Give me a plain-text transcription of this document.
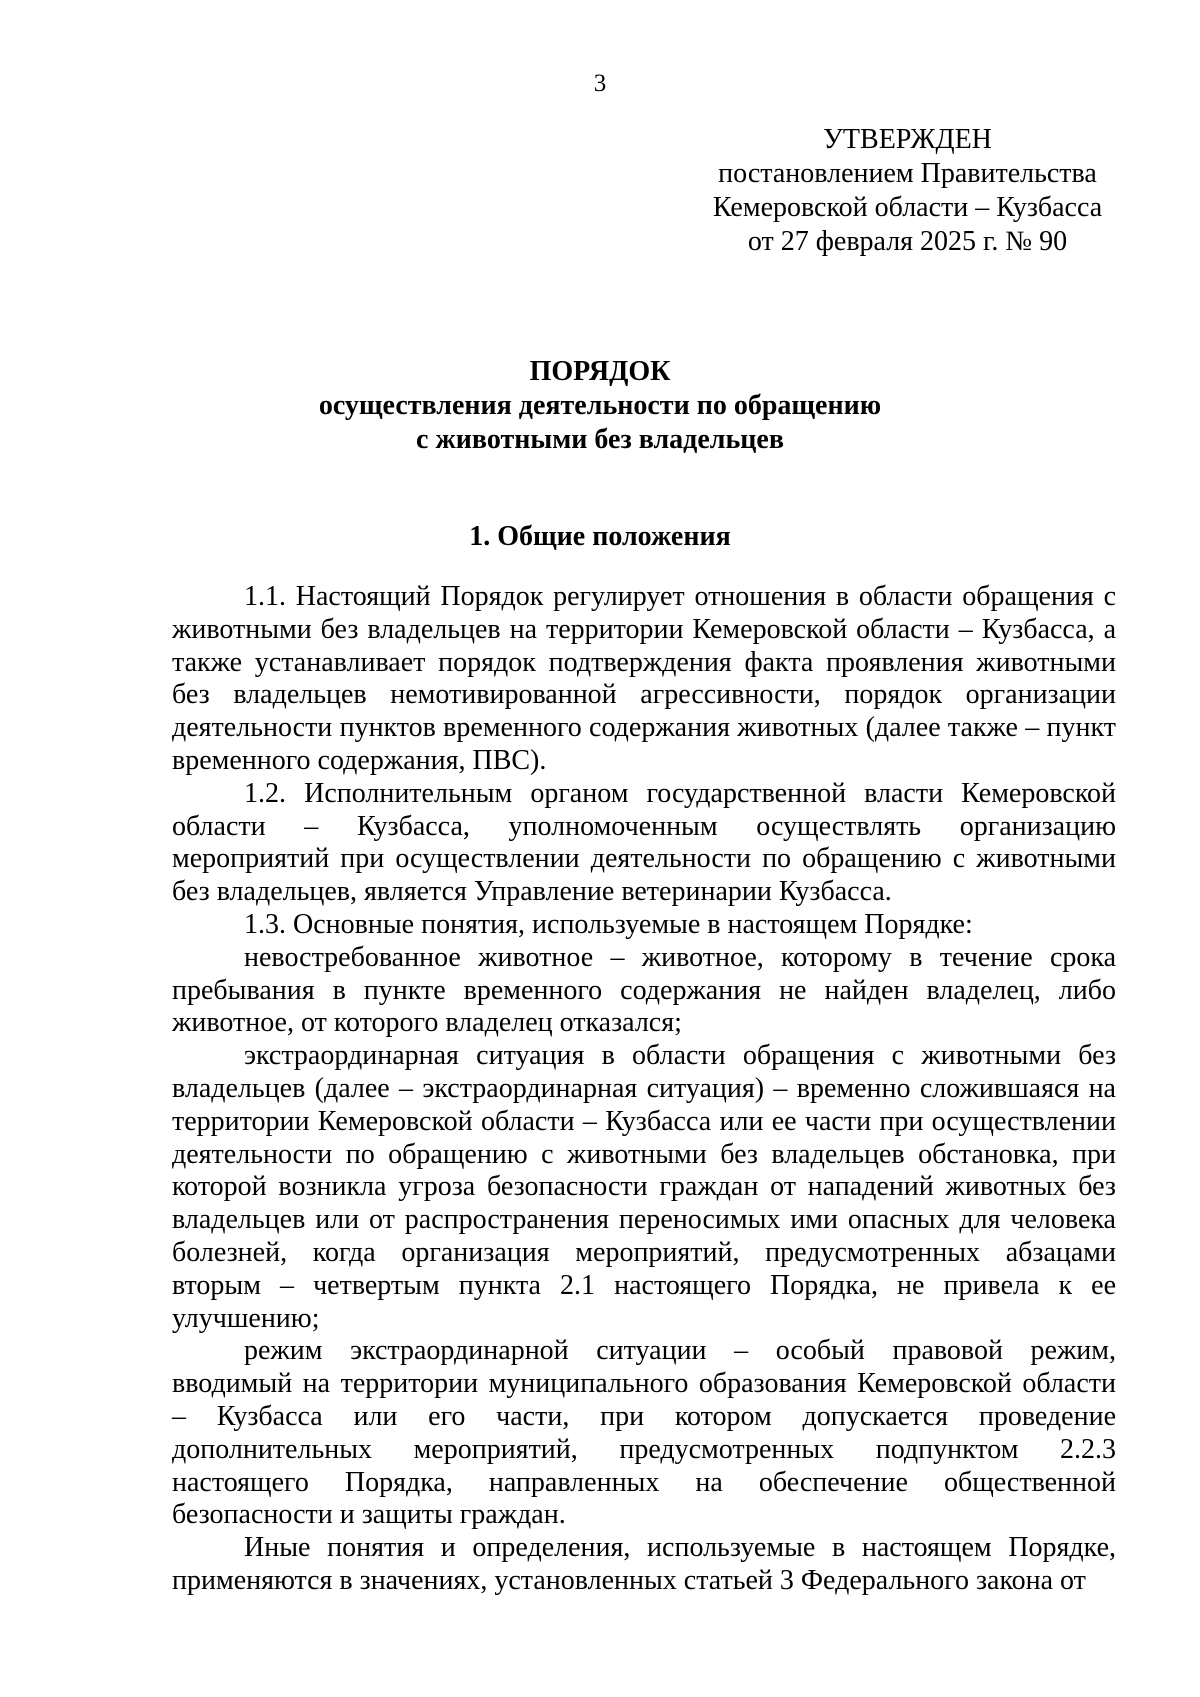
3
УТВЕРЖДЕН
постановлением Правительства
Кемеровской области – Кузбасса
от 27 февраля 2025 г. № 90
ПОРЯДОК
осуществления деятельности по обращению
с животными без владельцев
1. Общие положения

1.1. Настоящий Порядок регулирует отношения в области обращения с животными без владельцев на территории Кемеровской области – Кузбасса, а также устанавливает порядок подтверждения факта проявления животными без владельцев немотивированной агрессивности, порядок организации деятельности пунктов временного содержания животных (далее также – пункт временного содержания, ПВС).

1.2. Исполнительным органом государственной власти Кемеровской области – Кузбасса, уполномоченным осуществлять организацию мероприятий при осуществлении деятельности по обращению с животными без владельцев, является Управление ветеринарии Кузбасса.

1.3. Основные понятия, используемые в настоящем Порядке:

невостребованное животное – животное, которому в течение срока пребывания в пункте временного содержания не найден владелец, либо животное, от которого владелец отказался;

экстраординарная ситуация в области обращения с животными без владельцев (далее – экстраординарная ситуация) – временно сложившаяся на территории Кемеровской области – Кузбасса или ее части при осуществлении деятельности по обращению с животными без владельцев обстановка, при которой возникла угроза безопасности граждан от нападений животных без владельцев или от распространения переносимых ими опасных для человека болезней, когда организация мероприятий, предусмотренных абзацами вторым – четвертым пункта 2.1 настоящего Порядка, не привела к ее улучшению;

режим экстраординарной ситуации – особый правовой режим, вводимый на территории муниципального образования Кемеровской области – Кузбасса или его части, при котором допускается проведение дополнительных мероприятий, предусмотренных подпунктом 2.2.3 настоящего Порядка, направленных на обеспечение общественной безопасности и защиты граждан.

Иные понятия и определения, используемые в настоящем Порядке, применяются в значениях, установленных статьей 3 Федерального закона от
